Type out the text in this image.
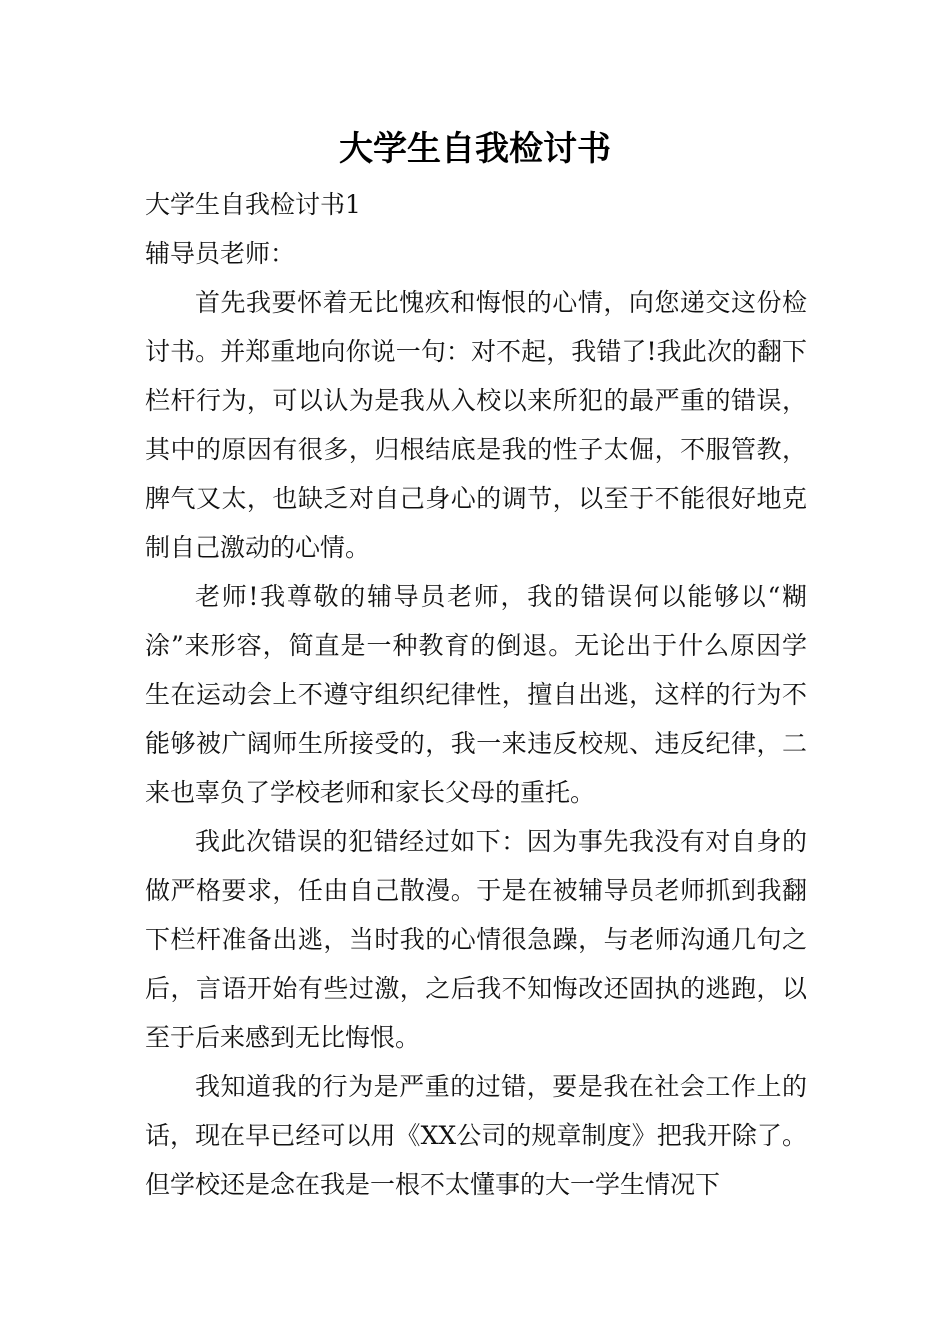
大学生自我检讨书

大学生自我检讨书1

辅导员老师：

首先我要怀着无比愧疚和悔恨的心情，向您递交这份检讨书。并郑重地向你说一句：对不起，我错了!我此次的翻下栏杆行为，可以认为是我从入校以来所犯的最严重的错误，其中的原因有很多，归根结底是我的性子太倔，不服管教，脾气又太，也缺乏对自己身心的调节，以至于不能很好地克制自己激动的心情。

老师!我尊敬的辅导员老师，我的错误何以能够以“糊涂”来形容，简直是一种教育的倒退。无论出于什么原因学生在运动会上不遵守组织纪律性，擅自出逃，这样的行为不能够被广阔师生所接受的，我一来违反校规、违反纪律，二来也辜负了学校老师和家长父母的重托。

我此次错误的犯错经过如下：因为事先我没有对自身的做严格要求，任由自己散漫。于是在被辅导员老师抓到我翻下栏杆准备出逃，当时我的心情很急躁，与老师沟通几句之后，言语开始有些过激，之后我不知悔改还固执的逃跑，以至于后来感到无比悔恨。

我知道我的行为是严重的过错，要是我在社会工作上的话，现在早已经可以用《XX公司的规章制度》把我开除了。但学校还是念在我是一根不太懂事的大一学生情况下
